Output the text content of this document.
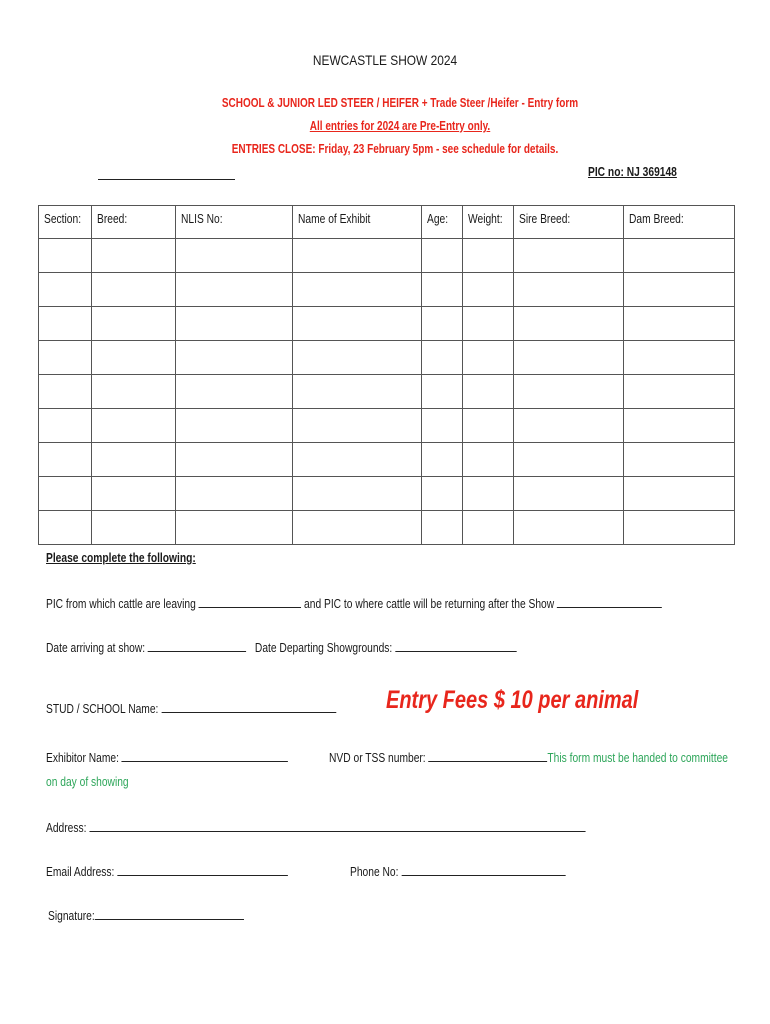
NEWCASTLE SHOW 2024
SCHOOL & JUNIOR LED STEER / HEIFER + Trade Steer /Heifer - Entry form
All entries for 2024 are Pre-Entry only.
ENTRIES CLOSE: Friday, 23 February 5pm - see schedule for details.
PIC no: NJ 369148
Section:	Breed:	NLIS No:	Name of Exhibit	Age:	Weight:	Sire Breed:	Dam Breed:

Please complete the following:
PIC from which cattle are leaving	and PIC to where cattle will be returning after the Show
Date arriving at show:	Date Departing Showgrounds:
STUD / SCHOOL Name:	Entry Fees $ 10 per animal
Exhibitor Name:	NVD or TSS number:	This form must be handed to committee
on day of showing
Address:
Email Address:	Phone No:
Signature:
